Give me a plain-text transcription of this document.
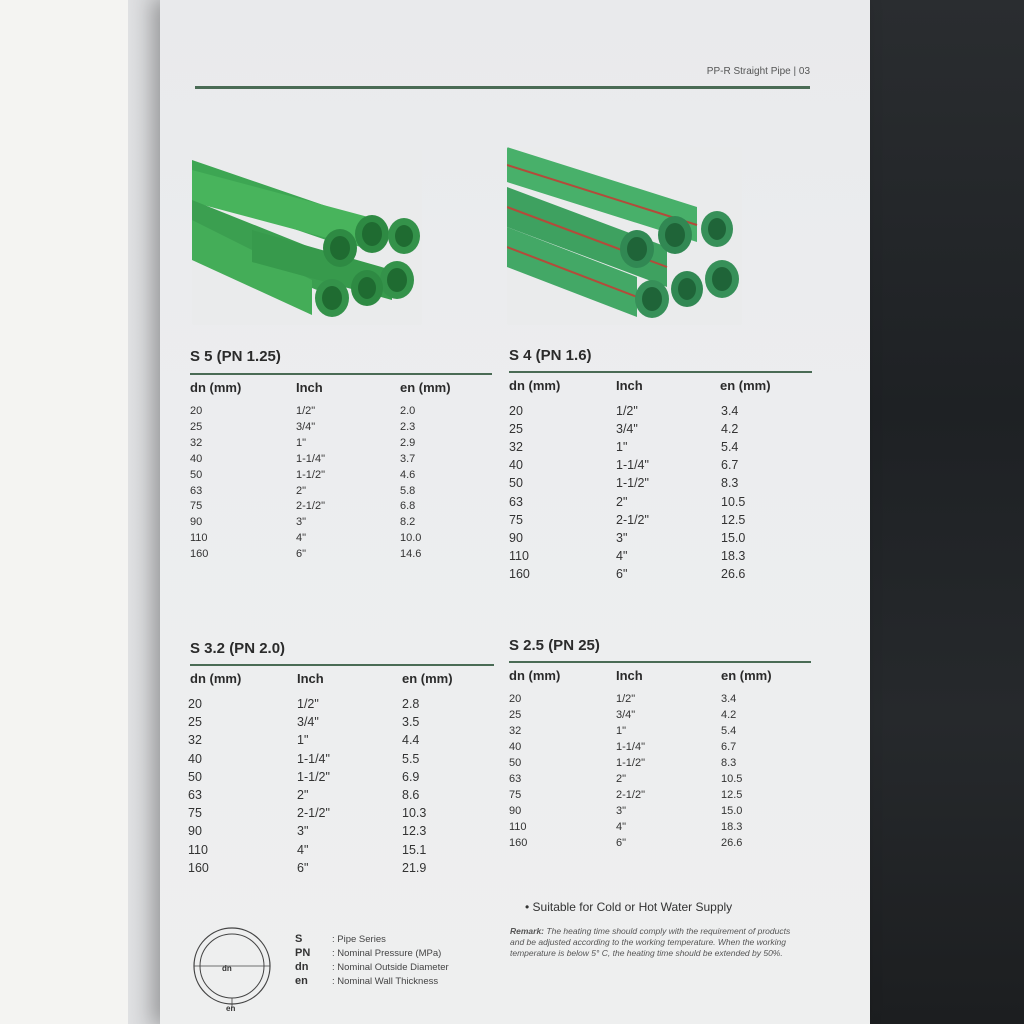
PP-R Straight Pipe | 03
S 5 (PN 1.25)
dn (mm)	Inch	en (mm)
20	1/2"	2.0
25	3/4"	2.3
32	1"	2.9
40	1-1/4"	3.7
50	1-1/2"	4.6
63	2"	5.8
75	2-1/2"	6.8
90	3"	8.2
110	4"	10.0
160	6"	14.6
S 4 (PN 1.6)
dn (mm)	Inch	en (mm)
20	1/2"	3.4
25	3/4"	4.2
32	1"	5.4
40	1-1/4"	6.7
50	1-1/2"	8.3
63	2"	10.5
75	2-1/2"	12.5
90	3"	15.0
110	4"	18.3
160	6"	26.6
S 3.2 (PN 2.0)
dn (mm)	Inch	en (mm)
20	1/2"	2.8
25	3/4"	3.5
32	1"	4.4
40	1-1/4"	5.5
50	1-1/2"	6.9
63	2"	8.6
75	2-1/2"	10.3
90	3"	12.3
110	4"	15.1
160	6"	21.9
S 2.5 (PN 25)
dn (mm)	Inch	en (mm)
20	1/2"	3.4
25	3/4"	4.2
32	1"	5.4
40	1-1/4"	6.7
50	1-1/2"	8.3
63	2"	10.5
75	2-1/2"	12.5
90	3"	15.0
110	4"	18.3
160	6"	26.6
• Suitable for Cold or Hot Water Supply
Remark: The heating time should comply with the requirement of products and be adjusted according to the working temperature. When the working temperature is below 5° C, the heating time should be extended by 50%.
dn
en
S	: Pipe Series
PN : Nominal Pressure (MPa)
dn : Nominal Outside Diameter
en	: Nominal Wall Thickness
